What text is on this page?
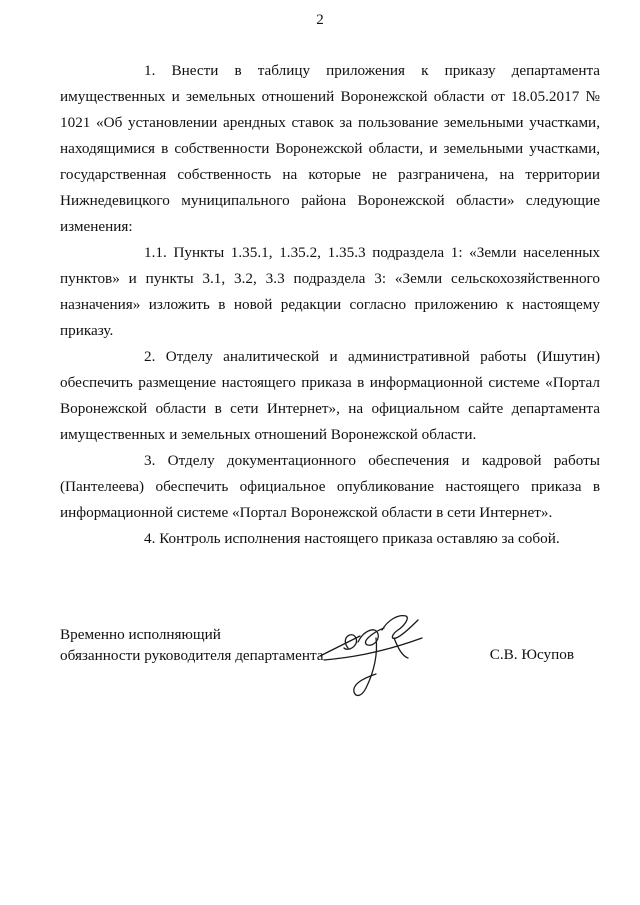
2

1. Внести в таблицу приложения к приказу департамента имущественных и земельных отношений Воронежской области от 18.05.2017 № 1021 «Об установлении арендных ставок за пользование земельными участками, находящимися в собственности Воронежской области, и земельными участками, государственная собственность на которые не разграничена, на территории Нижнедевицкого муниципального района Воронежской области» следующие изменения:

1.1. Пункты 1.35.1, 1.35.2, 1.35.3 подраздела 1: «Земли населенных пунктов» и пункты 3.1, 3.2, 3.3 подраздела 3: «Земли сельскохозяйственного назначения» изложить в новой редакции согласно приложению к настоящему приказу.

2. Отделу аналитической и административной работы (Ишутин) обеспечить размещение настоящего приказа в информационной системе «Портал Воронежской области в сети Интернет», на официальном сайте департамента имущественных и земельных отношений Воронежской области.

3. Отделу документационного обеспечения и кадровой работы (Пантелеева) обеспечить официальное опубликование настоящего приказа в информационной системе «Портал Воронежской области в сети Интернет».

4. Контроль исполнения настоящего приказа оставляю за собой.

Временно исполняющий
обязанности руководителя департамента	С.В. Юсупов
